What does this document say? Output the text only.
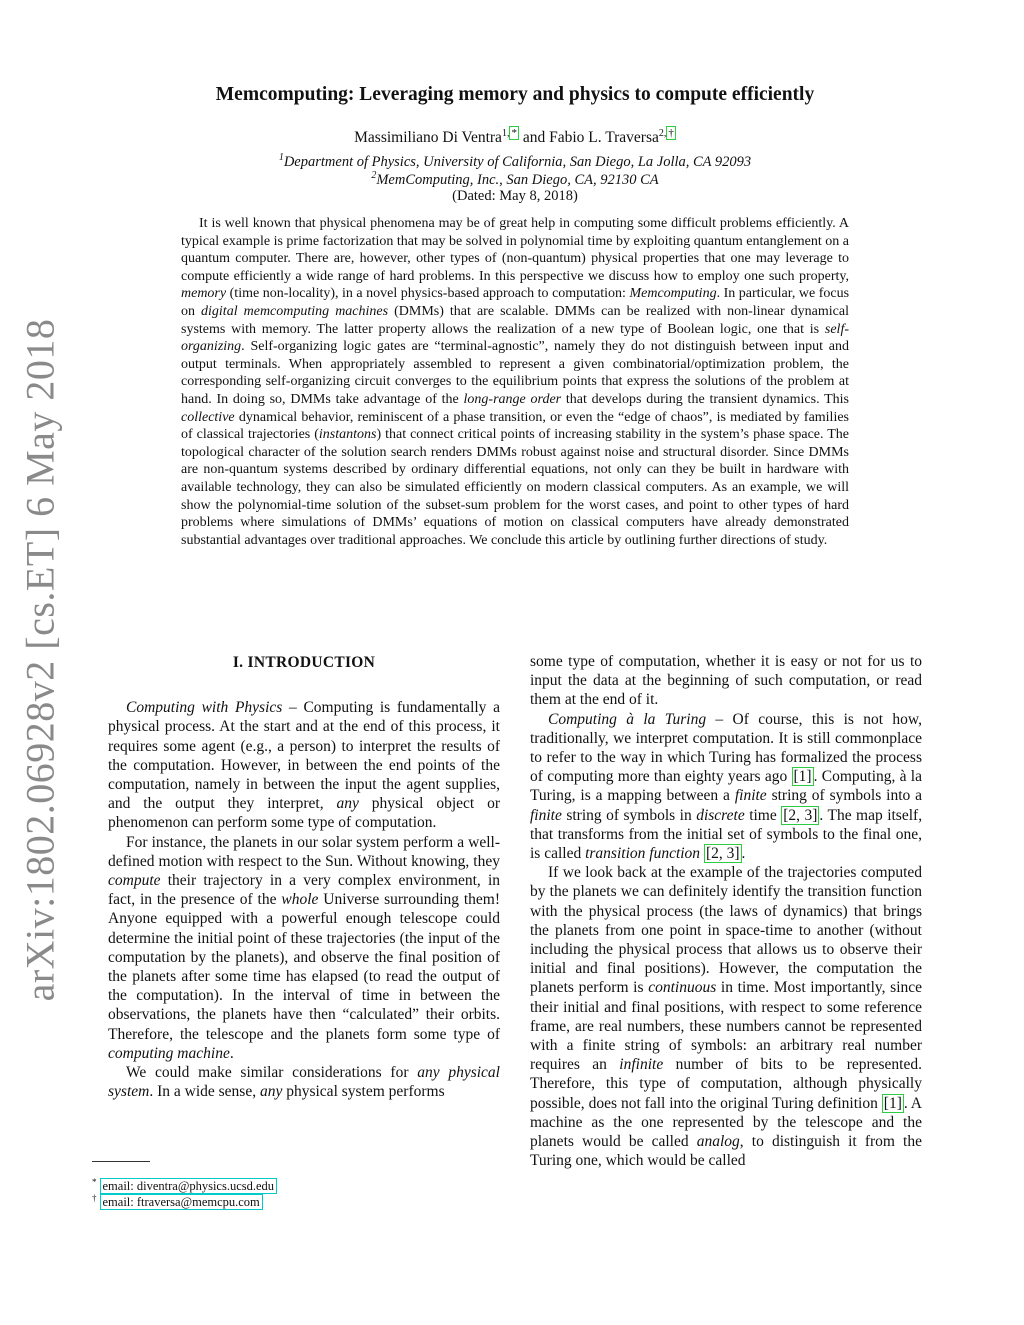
arXiv:1802.06928v2 [cs.ET] 6 May 2018
Memcomputing: Leveraging memory and physics to compute efficiently
Massimiliano Di Ventra$^{1,}$ * and Fabio L. Traversa$^{2,}$ †
$^1$Department of Physics, University of California, San Diego, La Jolla, CA 92093
$^2$MemComputing, Inc., San Diego, CA, 92130 CA
(Dated: May 8, 2018)

It is well known that physical phenomena may be of great help in computing some difficult problems efficiently. A typical example is prime factorization that may be solved in polynomial time by exploiting quantum entanglement on a quantum computer. There are, however, other types of (non-quantum) physical properties that one may leverage to compute efficiently a wide range of hard problems. In this perspective we discuss how to employ one such property, memory (time non-locality), in a novel physics-based approach to computation: Memcomputing. In particular, we focus on digital memcomputing machines (DMMs) that are scalable. DMMs can be realized with non-linear dynamical systems with memory. The latter property allows the realization of a new type of Boolean logic, one that is self-organizing. Self-organizing logic gates are “terminal-agnostic”, namely they do not distinguish between input and output terminals. When appropriately assembled to represent a given combinatorial/optimization problem, the corresponding self-organizing circuit converges to the equilibrium points that express the solutions of the problem at hand. In doing so, DMMs take advantage of the long-range order that develops during the transient dynamics. This collective dynamical behavior, reminiscent of a phase transition, or even the “edge of chaos”, is mediated by families of classical trajectories (instantons) that connect critical points of increasing stability in the system’s phase space. The topological character of the solution search renders DMMs robust against noise and structural disorder. Since DMMs are non-quantum systems described by ordinary differential equations, not only can they be built in hardware with available technology, they can also be simulated efficiently on modern classical computers. As an example, we will show the polynomial-time solution of the subset-sum problem for the worst cases, and point to other types of hard problems where simulations of DMMs’ equations of motion on classical computers have already demonstrated substantial advantages over traditional approaches. We conclude this article by outlining further directions of study.

I. INTRODUCTION

Computing with Physics – Computing is fundamentally a physical process. At the start and at the end of this process, it requires some agent (e.g., a person) to interpret the results of the computation. However, in between the end points of the computation, namely in between the input the agent supplies, and the output they interpret, any physical object or phenomenon can perform some type of computation.

For instance, the planets in our solar system perform a well-defined motion with respect to the Sun. Without knowing, they compute their trajectory in a very complex environment, in fact, in the presence of the whole Universe surrounding them! Anyone equipped with a powerful enough telescope could determine the initial point of these trajectories (the input of the computation by the planets), and observe the final position of the planets after some time has elapsed (to read the output of the computation). In the interval of time in between the observations, the planets have then “calculated” their orbits. Therefore, the telescope and the planets form some type of computing machine.

We could make similar considerations for any physical system. In a wide sense, any physical system performs

some type of computation, whether it is easy or not for us to input the data at the beginning of such computation, or read them at the end of it.

Computing à la Turing – Of course, this is not how, traditionally, we interpret computation. It is still commonplace to refer to the way in which Turing has formalized the process of computing more than eighty years ago [1] . Computing, à la Turing, is a mapping between a finite string of symbols into a finite string of symbols in discrete time [2, 3] . The map itself, that transforms from the initial set of symbols to the final one, is called transition function [2, 3] .

If we look back at the example of the trajectories computed by the planets we can definitely identify the transition function with the physical process (the laws of dynamics) that brings the planets from one point in space-time to another (without including the physical process that allows us to observe their initial and final positions). However, the computation the planets perform is continuous in time. Most importantly, since their initial and final positions, with respect to some reference frame, are real numbers, these numbers cannot be represented with a finite string of symbols: an arbitrary real number requires an infinite number of bits to be represented. Therefore, this type of computation, although physically possible, does not fall into the original Turing definition [1] . A machine as the one represented by the telescope and the planets would be called analog, to distinguish it from the Turing one, which would be called

* email: diventra@physics.ucsd.edu
† email: ftraversa@memcpu.com
